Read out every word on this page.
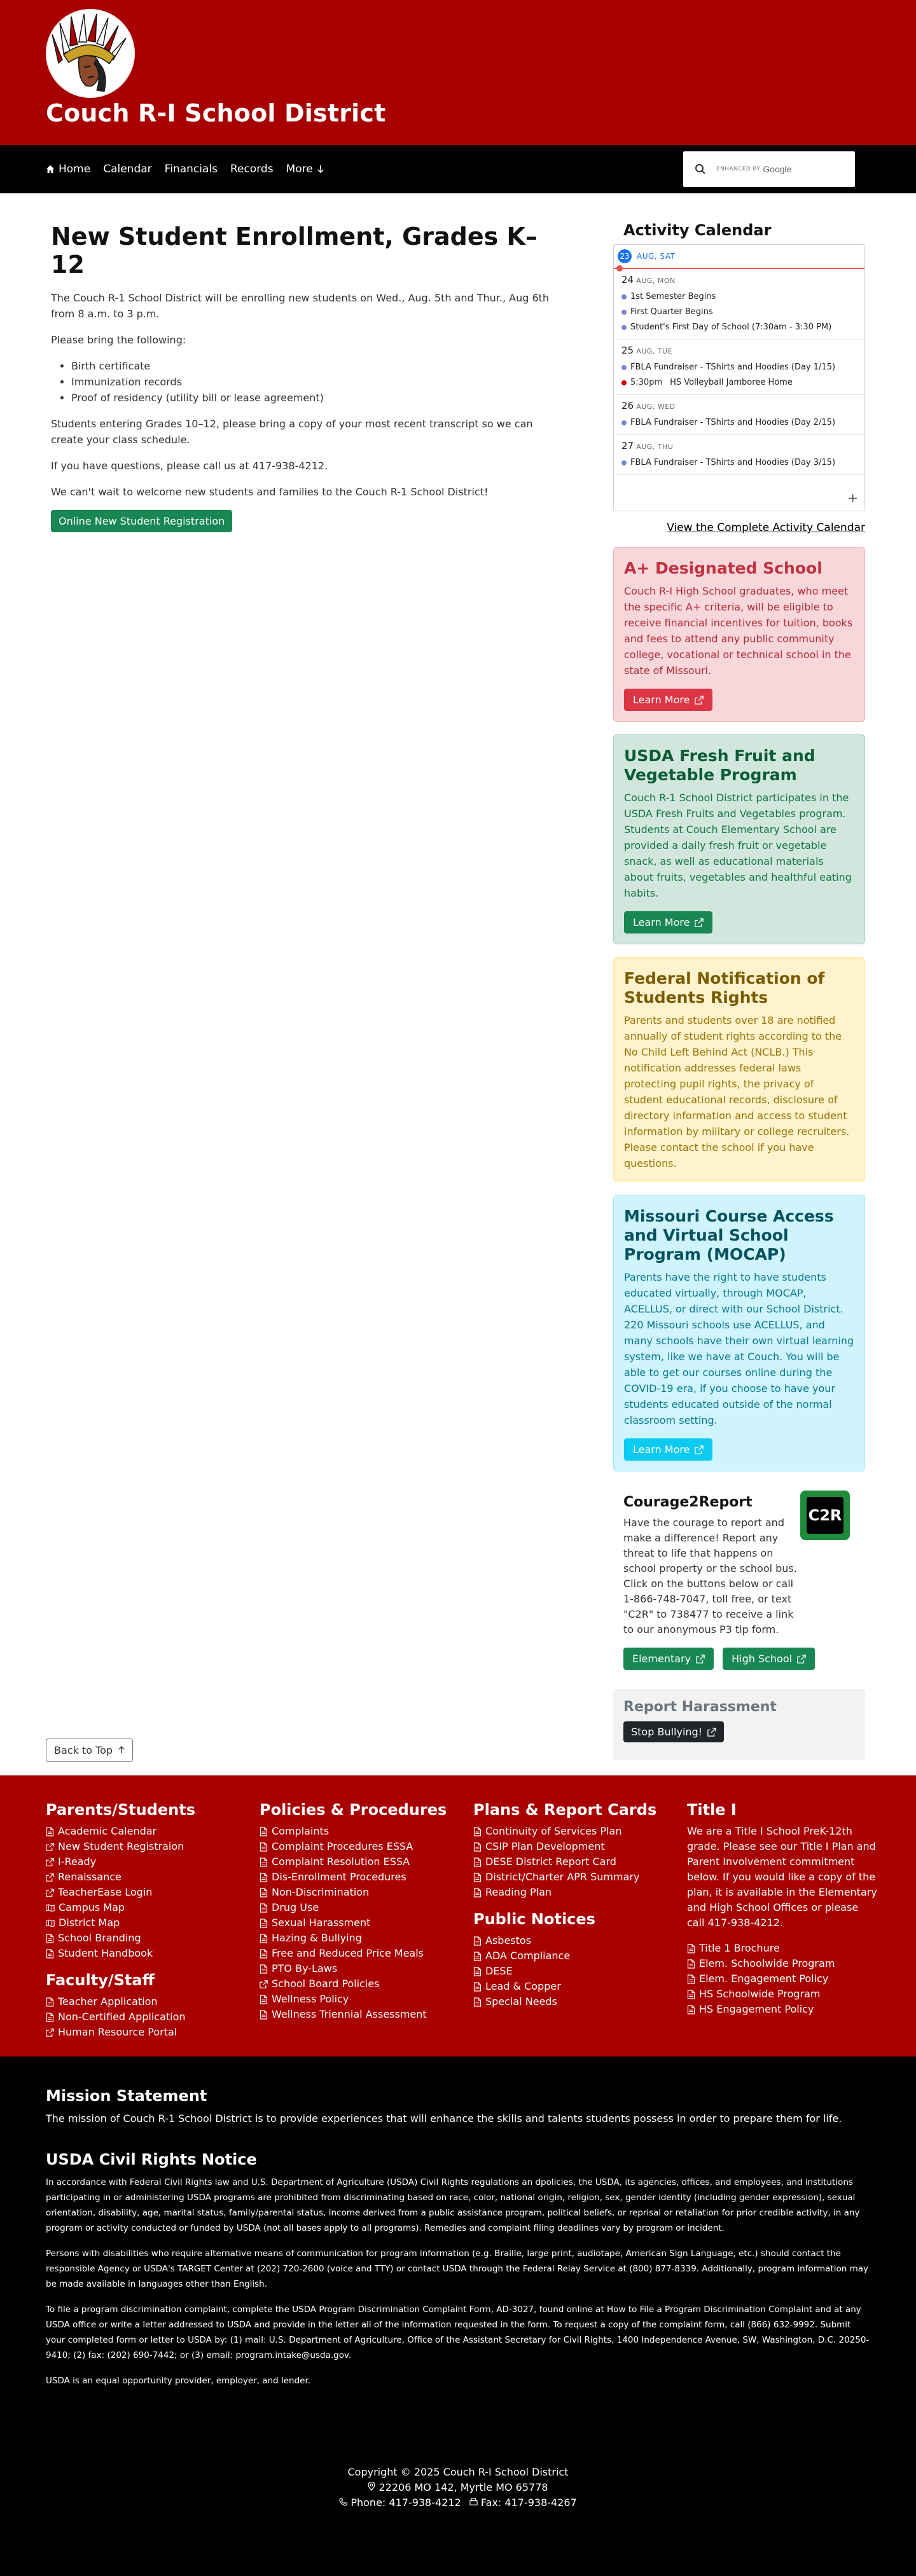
Couch R-I School District
Home Calendar Financials Records More	ENHANCED BY Google
New Student Enrollment, Grades K–12

The Couch R-1 School District will be enrolling new students on Wed., Aug. 5th and Thur., Aug 6th from 8 a.m. to 3 p.m.

Please bring the following:

• Birth certificate
• Immunization records
• Proof of residency (utility bill or lease agreement)

Students entering Grades 10–12, please bring a copy of your most recent transcript so we can create your class schedule.

If you have questions, please call us at 417-938-4212.

We can't wait to welcome new students and families to the Couch R-1 School District!

Online New Student Registration
Activity Calendar
23 AUG, SAT
24 AUG, MON
1st Semester Begins
First Quarter Begins
Student's First Day of School (7:30am - 3:30 PM)
25 AUG, TUE
FBLA Fundraiser - TShirts and Hoodies (Day 1/15)
5:30pm HS Volleyball Jamboree Home
26 AUG, WED
FBLA Fundraiser - TShirts and Hoodies (Day 2/15)
27 AUG, THU
FBLA Fundraiser - TShirts and Hoodies (Day 3/15)
+
View the Complete Activity Calendar
A+ Designated School

Couch R-I High School graduates, who meet the specific A+ criteria, will be eligible to receive financial incentives for tuition, books and fees to attend any public community college, vocational or technical school in the state of Missouri.

Learn More
USDA Fresh Fruit and Vegetable Program

Couch R-1 School District participates in the USDA Fresh Fruits and Vegetables program. Students at Couch Elementary School are provided a daily fresh fruit or vegetable snack, as well as educational materials about fruits, vegetables and healthful eating habits.

Learn More
Federal Notification of Students Rights

Parents and students over 18 are notified annually of student rights according to the No Child Left Behind Act (NCLB.) This notification addresses federal laws protecting pupil rights, the privacy of student educational records, disclosure of directory information and access to student information by military or college recruiters. Please contact the school if you have questions.

Missouri Course Access and Virtual School Program (MOCAP)

Parents have the right to have students educated virtually, through MOCAP, ACELLUS, or direct with our School District. 220 Missouri schools use ACELLUS, and many schools have their own virtual learning system, like we have at Couch. You will be able to get our courses online during the COVID-19 era, if you choose to have your students educated outside of the normal classroom setting.

Learn More
Courage2Report
C2R

Have the courage to report and make a difference! Report any threat to life that happens on school property or the school bus. Click on the buttons below or call 1-866-748-7047, toll free, or text "C2R" to 738477 to receive a link to our anonymous P3 tip form.

Elementary	High School
Report Harassment
Stop Bullying!
Back to Top
Parents/Students
Academic Calendar
New Student Registraion
I-Ready
Renaissance
TeacherEase Login
Campus Map
District Map
School Branding
Student Handbook
Faculty/Staff
Teacher Application
Non-Certified Application
Human Resource Portal
Policies & Procedures
Complaints
Complaint Procedures ESSA
Complaint Resolution ESSA
Dis-Enrollment Procedures
Non-Discrimination
Drug Use
Sexual Harassment
Hazing & Bullying
Free and Reduced Price Meals
PTO By-Laws
School Board Policies
Wellness Policy
Wellness Triennial Assessment
Plans & Report Cards
Continuity of Services Plan
CSIP Plan Development
DESE District Report Card
District/Charter APR Summary
Reading Plan
Public Notices
Asbestos
ADA Compliance
DESE
Lead & Copper
Special Needs
Title I

We are a Title I School PreK-12th grade. Please see our Title I Plan and Parent Involvement commitment below. If you would like a copy of the plan, it is available in the Elementary and High School Offices or please call 417-938-4212.

Title 1 Brochure
Elem. Schoolwide Program
Elem. Engagement Policy
HS Schoolwide Program
HS Engagement Policy
Mission Statement

The mission of Couch R-1 School District is to provide experiences that will enhance the skills and talents students possess in order to prepare them for life.

USDA Civil Rights Notice

In accordance with Federal Civil Rights law and U.S. Department of Agriculture (USDA) Civil Rights regulations an dpolicies, the USDA, its agencies, offices, and employees, and institutions participating in or administering USDA programs are prohibited from discriminating based on race, color, national origin, religion, sex, gender identity (including gender expression), sexual orientation, disability, age, marital status, family/parental status, income derived from a public assistance program, political beliefs, or reprisal or retaliation for prior credible activity, in any program or activity conducted or funded by USDA (not all bases apply to all programs). Remedies and complaint filing deadlines vary by program or incident.

Persons with disabilities who require alternative means of communication for program information (e.g. Braille, large print, audiotape, American Sign Language, etc.) should contact the responsible Agency or USDA's TARGET Center at (202) 720-2600 (voice and TTY) or contact USDA through the Federal Relay Service at (800) 877-8339. Additionally, program information may be made available in languages other than English.

To file a program discrimination complaint, complete the USDA Program Discrimination Complaint Form, AD-3027, found online at How to File a Program Discrimination Complaint and at any USDA office or write a letter addressed to USDA and provide in the letter all of the information requested in the form. To request a copy of the complaint form, call (866) 632-9992. Submit your completed form or letter to USDA by: (1) mail: U.S. Department of Agriculture, Office of the Assistant Secretary for Civil Rights, 1400 Independence Avenue, SW, Washington, D.C. 20250-9410; (2) fax: (202) 690-7442; or (3) email: program.intake@usda.gov.

USDA is an equal opportunity provider, employer, and lender.

Copyright © 2025 Couch R-I School District
22206 MO 142, Myrtle MO 65778
Phone: 417-938-4212 Fax: 417-938-4267
